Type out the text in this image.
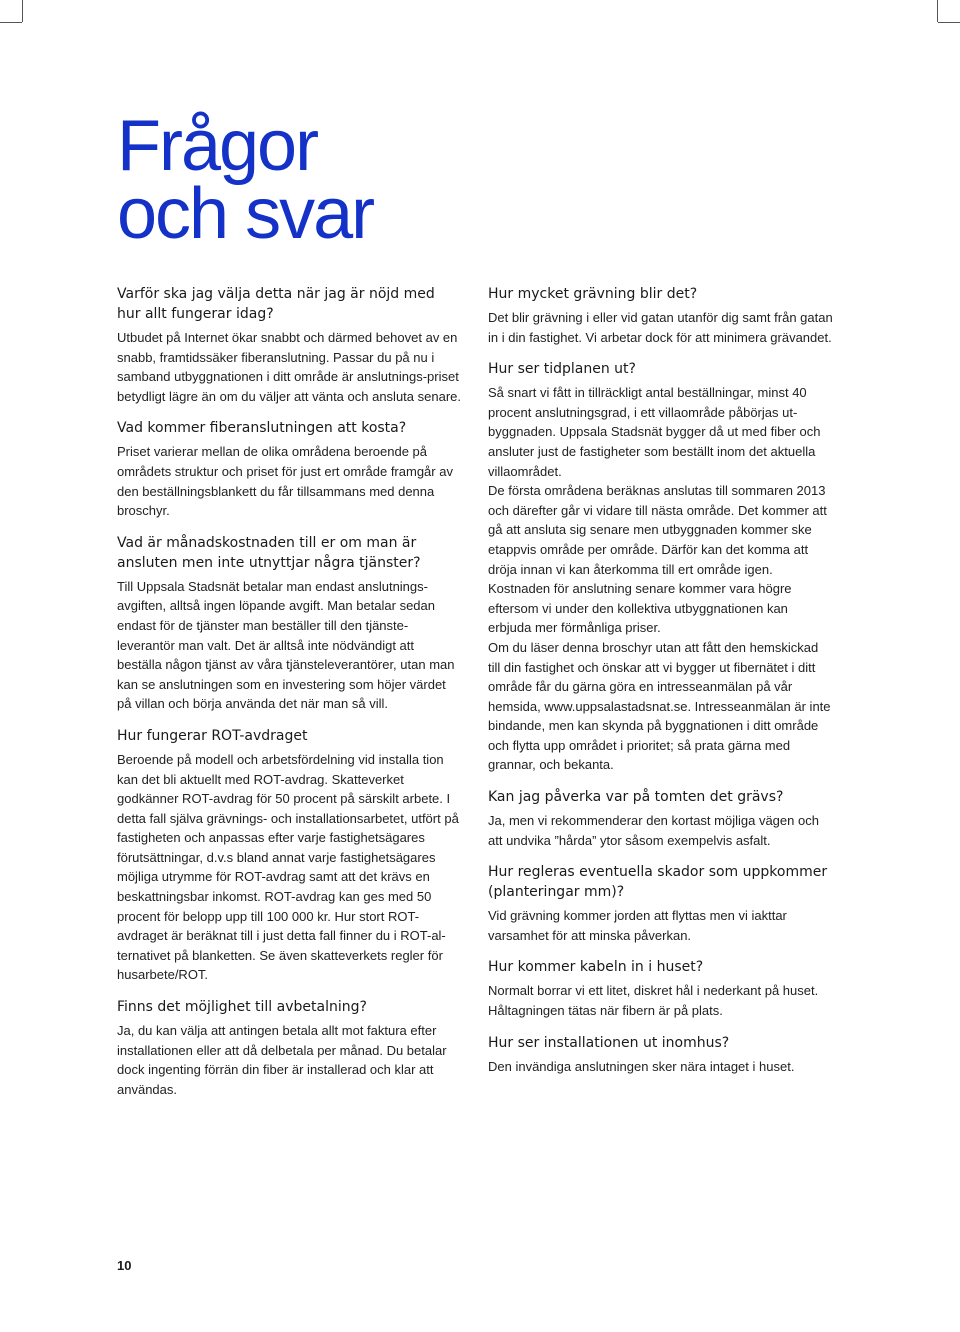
Frågor
och svar
Varför ska jag välja detta när jag är nöjd med hur allt fungerar idag?

Utbudet på Internet ökar snabbt och därmed behovet av en snabb, framtidssäker fiberanslutning. Passar du på nu i samband utbyggnationen i ditt område är anslutnings-priset betydligt lägre än om du väljer att vänta och ansluta senare.

Vad kommer fiberanslutningen att kosta?

Priset varierar mellan de olika områdena beroende på områdets struktur och priset för just ert område framgår av den beställningsblankett du får tillsammans med denna broschyr.

Vad är månadskostnaden till er om man är ansluten men inte utnyttjar några tjänster?

Till Uppsala Stadsnät betalar man endast anslutnings-avgiften, alltså ingen löpande avgift. Man betalar sedan endast för de tjänster man beställer till den tjänste-leverantör man valt. Det är alltså inte nödvändigt att beställa någon tjänst av våra tjänsteleverantörer, utan man kan se anslutningen som en investering som höjer värdet på villan och börja använda det när man så vill.

Hur fungerar ROT-avdraget

Beroende på modell och arbetsfördelning vid installa tion kan det bli aktuellt med ROT-avdrag. Skatteverket godkänner ROT-avdrag för 50 procent på särskilt arbete. I detta fall själva grävnings- och installationsarbetet, utfört på fastigheten och anpassas efter varje fastighetsägares förutsättningar, d.v.s bland annat varje fastighetsägares möjliga utrymme för ROT-avdrag samt att det krävs en beskattningsbar inkomst. ROT-avdrag kan ges med 50 procent för belopp upp till 100 000 kr. Hur stort ROT-avdraget är beräknat till i just detta fall finner du i ROT-al-ternativet på blanketten. Se även skatteverkets regler för husarbete/ROT.

Finns det möjlighet till avbetalning?

Ja, du kan välja att antingen betala allt mot faktura efter installationen eller att då delbetala per månad. Du betalar dock ingenting förrän din fiber är installerad och klar att användas.

Hur mycket grävning blir det?

Det blir grävning i eller vid gatan utanför dig samt från gatan in i din fastighet. Vi arbetar dock för att minimera grävandet.

Hur ser tidplanen ut?

Så snart vi fått in tillräckligt antal beställningar, minst 40 procent anslutningsgrad, i ett villaområde påbörjas ut-byggnaden. Uppsala Stadsnät bygger då ut med fiber och ansluter just de fastigheter som beställt inom det aktuella villaområdet.

De första områdena beräknas anslutas till sommaren 2013 och därefter går vi vidare till nästa område. Det kommer att gå att ansluta sig senare men utbyggnaden kommer ske etappvis område per område. Därför kan det komma att dröja innan vi kan återkomma till ert område igen. Kostnaden för anslutning senare kommer vara högre eftersom vi under den kollektiva utbyggnationen kan erbjuda mer förmånliga priser.

Om du läser denna broschyr utan att fått den hemskickad till din fastighet och önskar att vi bygger ut fibernätet i ditt område får du gärna göra en intresseanmälan på vår hemsida, www.uppsalastadsnat.se. Intresseanmälan är inte bindande, men kan skynda på byggnationen i ditt område och flytta upp området i prioritet; så prata gärna med grannar, och bekanta.

Kan jag påverka var på tomten det grävs?

Ja, men vi rekommenderar den kortast möjliga vägen och att undvika ”hårda” ytor såsom exempelvis asfalt.

Hur regleras eventuella skador som uppkommer (planteringar mm)?

Vid grävning kommer jorden att flyttas men vi iakttar varsamhet för att minska påverkan.

Hur kommer kabeln in i huset?

Normalt borrar vi ett litet, diskret hål i nederkant på huset. Håltagningen tätas när fibern är på plats.

Hur ser installationen ut inomhus?

Den invändiga anslutningen sker nära intaget i huset.

10
